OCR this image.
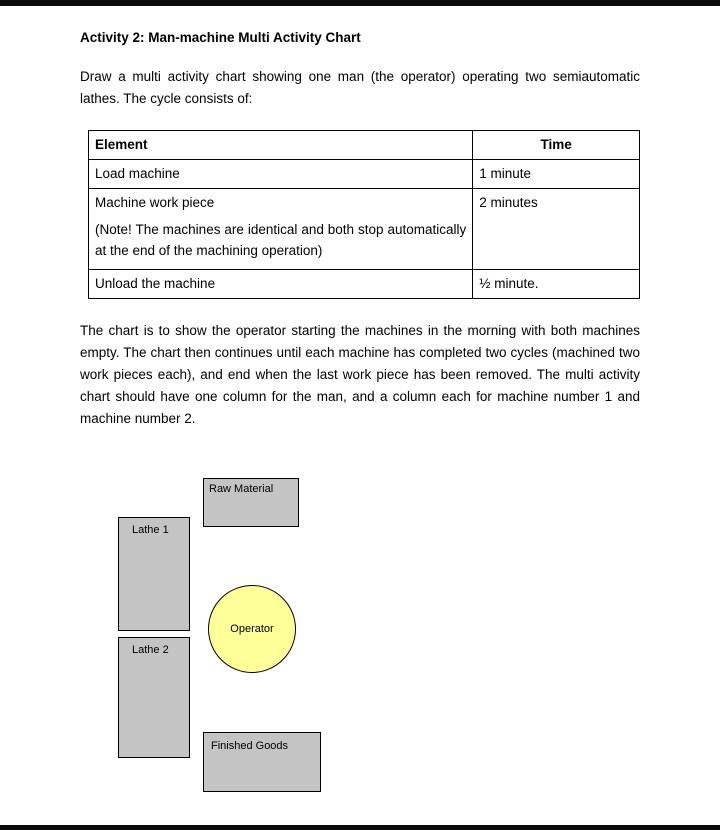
Activity 2: Man-machine Multi Activity Chart
Draw a multi activity chart showing one man (the operator) operating two semiautomatic lathes. The cycle consists of:
Element	Time
Load machine	1 minute

Machine work piece
(Note! The machines are identical and both stop automatically at the end of the machining operation)	2 minutes
Unload the machine	½ minute.
The chart is to show the operator starting the machines in the morning with both machines empty. The chart then continues until each machine has completed two cycles (machined two work pieces each), and end when the last work piece has been removed. The multi activity chart should have one column for the man, and a column each for machine number 1 and machine number 2.
Raw Material
Lathe 1
Lathe 2
Operator
Finished Goods
